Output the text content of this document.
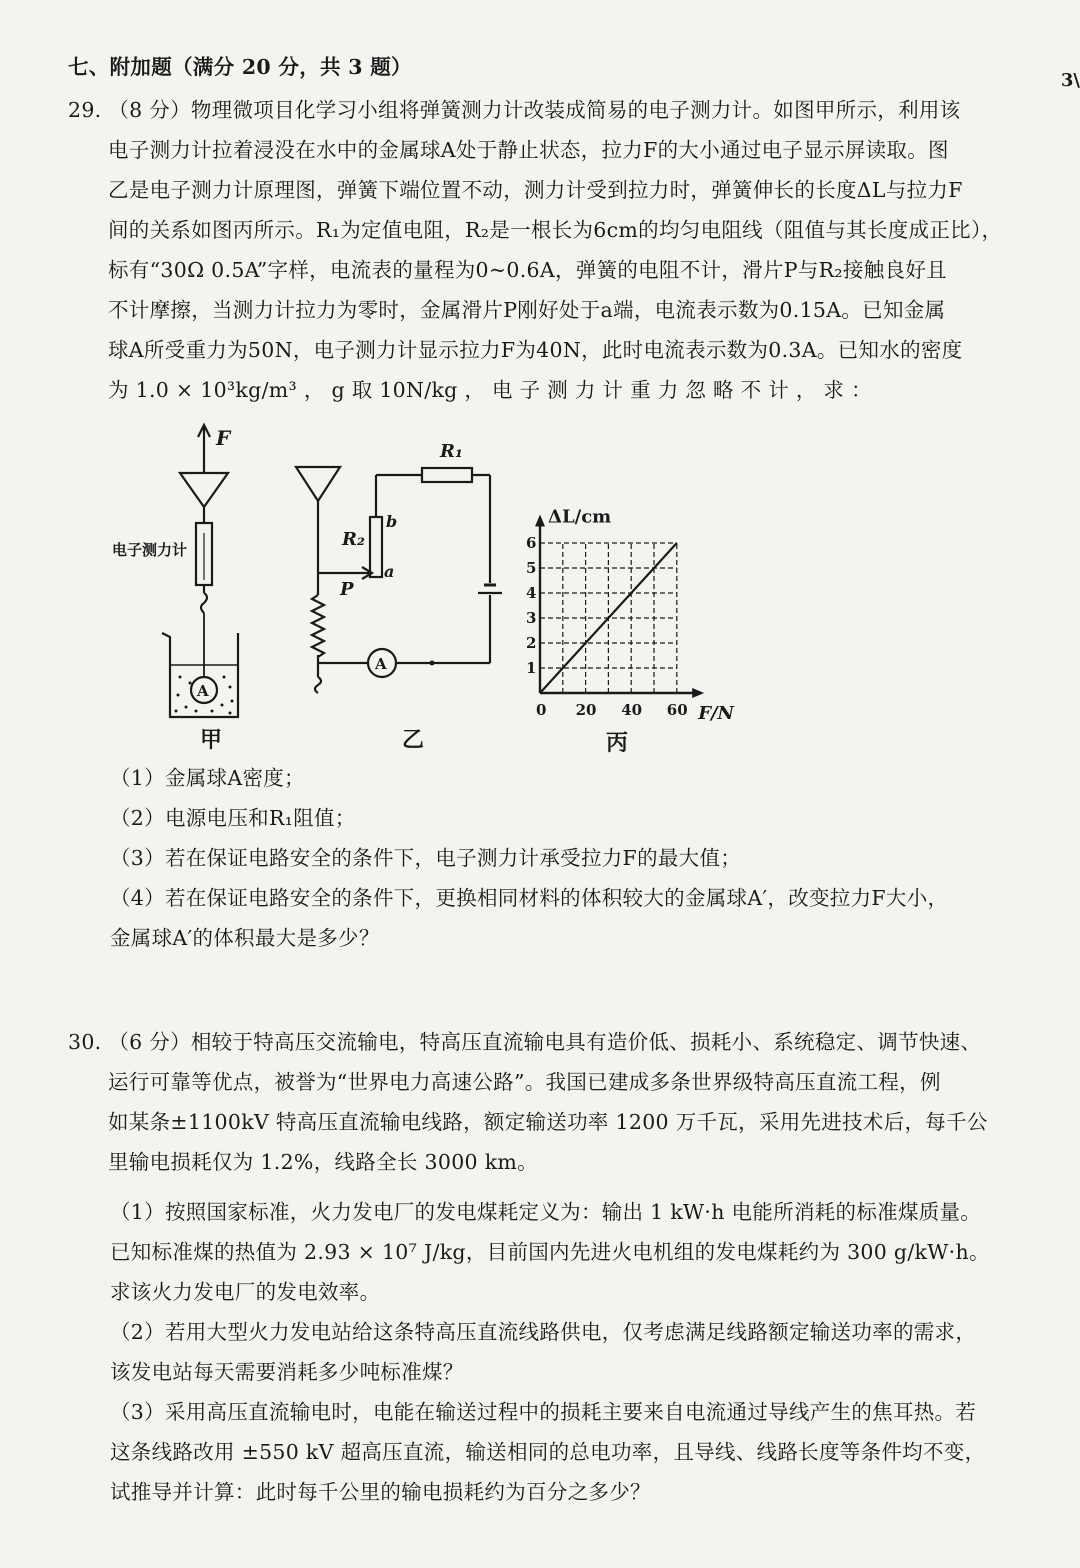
七、附加题（满分 20 分，共 3 题）
3\
29. （8 分）物理微项目化学习小组将弹簧测力计改装成简易的电子测力计。如图甲所示，利用该
电子测力计拉着浸没在水中的金属球A处于静止状态，拉力F的大小通过电子显示屏读取。图
乙是电子测力计原理图，弹簧下端位置不动，测力计受到拉力时，弹簧伸长的长度ΔL与拉力F
间的关系如图丙所示。R₁为定值电阻，R₂是一根长为6cm的均匀电阻线（阻值与其长度成正比），
标有“30Ω 0.5A”字样，电流表的量程为0~0.6A，弹簧的电阻不计，滑片P与R₂接触良好且
不计摩擦，当测力计拉力为零时，金属滑片P刚好处于a端，电流表示数为0.15A。已知金属
球A所受重力为50N，电子测力计显示拉力F为40N，此时电流表示数为0.3A。已知水的密度
为 1.0 × 10³kg/m³ ， g 取 10N/kg ， 电 子 测 力 计 重 力 忽 略 不 计 ， 求 ：
F
电子测力计
A
甲
R₁
R₂
b
a
P
A
乙
0 20 40 60
1
2
3
4
5
6
F/N
ΔL/cm
丙
（1）金属球A密度；
（2）电源电压和R₁阻值；
（3）若在保证电路安全的条件下，电子测力计承受拉力F的最大值；
（4）若在保证电路安全的条件下，更换相同材料的体积较大的金属球A′，改变拉力F大小，
金属球A′的体积最大是多少？
30. （6 分）相较于特高压交流输电，特高压直流输电具有造价低、损耗小、系统稳定、调节快速、
运行可靠等优点，被誉为“世界电力高速公路”。我国已建成多条世界级特高压直流工程，例
如某条±1100kV 特高压直流输电线路，额定输送功率 1200 万千瓦，采用先进技术后，每千公
里输电损耗仅为 1.2%，线路全长 3000 km。
（1）按照国家标准，火力发电厂的发电煤耗定义为：输出 1 kW·h 电能所消耗的标准煤质量。
已知标准煤的热值为 2.93 × 10⁷ J/kg，目前国内先进火电机组的发电煤耗约为 300 g/kW·h。
求该火力发电厂的发电效率。
（2）若用大型火力发电站给这条特高压直流线路供电，仅考虑满足线路额定输送功率的需求，
该发电站每天需要消耗多少吨标准煤？
（3）采用高压直流输电时，电能在输送过程中的损耗主要来自电流通过导线产生的焦耳热。若
这条线路改用 ±550 kV 超高压直流，输送相同的总电功率，且导线、线路长度等条件均不变，
试推导并计算：此时每千公里的输电损耗约为百分之多少？
